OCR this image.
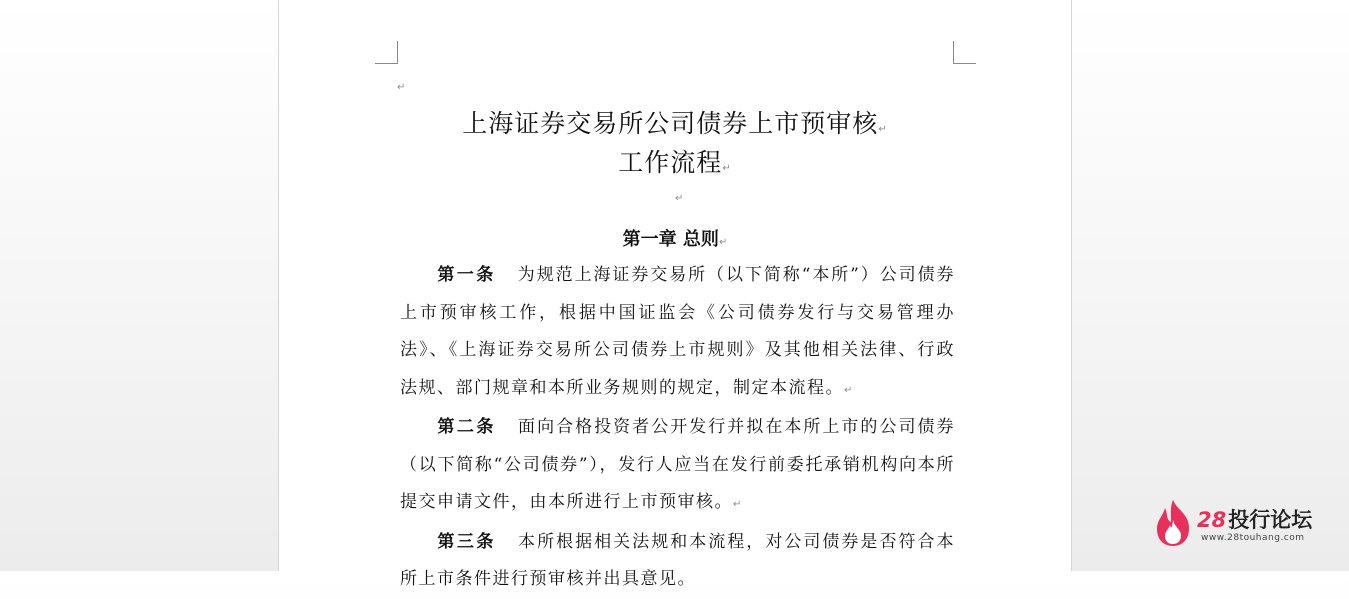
↵
上海证券交易所公司债券上市预审核↵
工作流程↵
↵
第一章 总则↵

第一条 为规范上海证券交易所（以下简称“本所”）公司债券上市预审核工作，根据中国证监会《公司债券发行与交易管理办法》、《上海证券交易所公司债券上市规则》及其他相关法律、行政法规、部门规章和本所业务规则的规定，制定本流程。↵

第二条 面向合格投资者公开发行并拟在本所上市的公司债券（以下简称“公司债券”），发行人应当在发行前委托承销机构向本所提交申请文件，由本所进行上市预审核。↵

第三条 本所根据相关法规和本流程，对公司债券是否符合本所上市条件进行预审核并出具意见。

28投行论坛
www.28touhang.com
